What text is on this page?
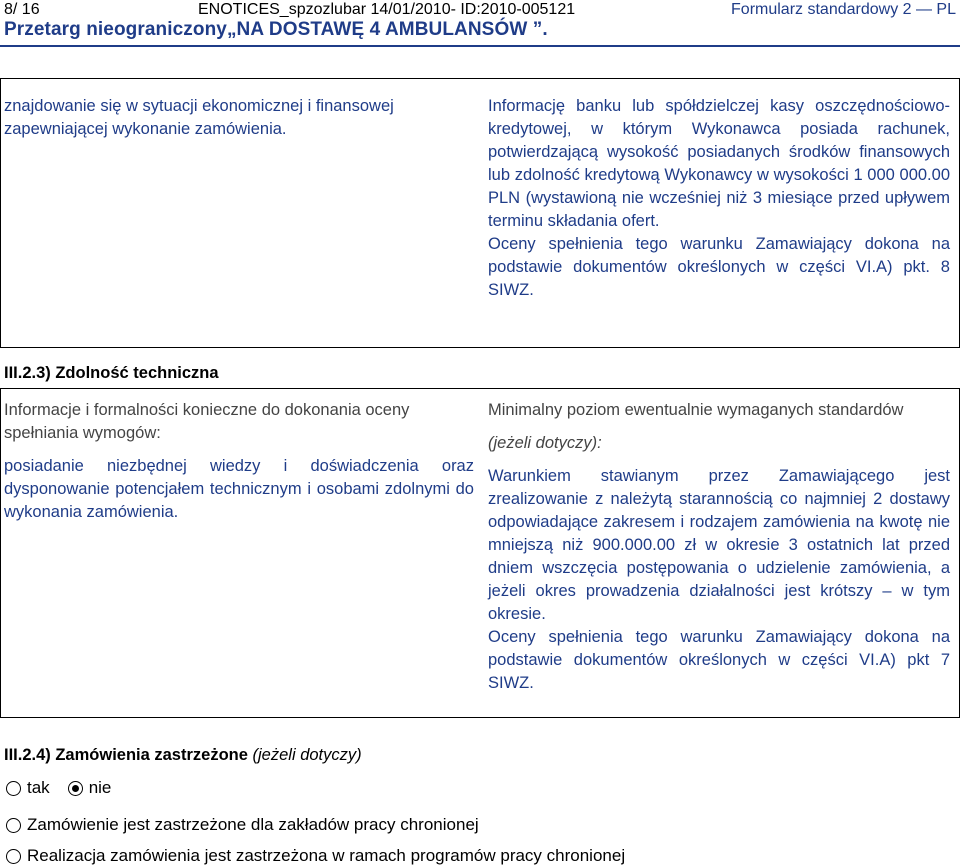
8/ 16	ENOTICES_spzozlubar 14/01/2010- ID:2010-005121	Formularz standardowy 2 — PL
Przetarg nieograniczony„NA DOSTAWĘ 4 AMBULANSÓW ”.
znajdowanie się w sytuacji ekonomicznej i finansowej zapewniającej wykonanie zamówienia.

Informację banku lub spółdzielczej kasy oszczędnościowo-kredytowej, w którym Wykonawca posiada rachunek, potwierdzającą wysokość posiadanych środków finansowych lub zdolność kredytową Wykonawcy w wysokości 1 000 000.00 PLN (wystawioną nie wcześniej niż 3 miesiące przed upływem terminu składania ofert.

Oceny spełnienia tego warunku Zamawiający dokona na podstawie dokumentów określonych w części VI.A) pkt. 8 SIWZ.

III.2.3) Zdolność techniczna

Informacje i formalności konieczne do dokonania oceny spełniania wymogów:

posiadanie niezbędnej wiedzy i doświadczenia oraz dysponowanie potencjałem technicznym i osobami zdolnymi do wykonania zamówienia.

Minimalny poziom ewentualnie wymaganych standardów

(jeżeli dotyczy):

Warunkiem stawianym przez Zamawiającego jest zrealizowanie z należytą starannością co najmniej 2 dostawy odpowiadające zakresem i rodzajem zamówienia na kwotę nie mniejszą niż 900.000.00 zł w okresie 3 ostatnich lat przed dniem wszczęcia postępowania o udzielenie zamówienia, a jeżeli okres prowadzenia działalności jest krótszy – w tym okresie.

Oceny spełnienia tego warunku Zamawiający dokona na podstawie dokumentów określonych w części VI.A) pkt 7 SIWZ.

III.2.4) Zamówienia zastrzeżone (jeżeli dotyczy)
tak nie
Zamówienie jest zastrzeżone dla zakładów pracy chronionej
Realizacja zamówienia jest zastrzeżona w ramach programów pracy chronionej
